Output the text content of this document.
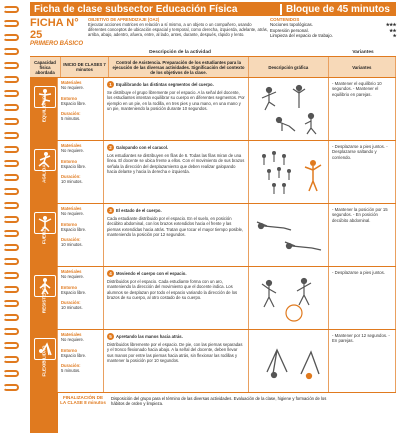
Ficha de clase subsector Educación Física	Bloque de 45 minutos
FICHA N° 25
PRIMERO BÁSICO
OBJETIVO DE APRENDIZAJE (OA2)
Ejecutar acciones motrices en relación a sí mismo, a un objeto o un compañero, usando diferentes conceptos de ubicación espacial y temporal, como derecha, izquierda, adelante, atrás, arriba, abajo, adentro, afuera, entre, al lado, antes, durante, después, rápido y lento.
CONTENIDOS
Nociones topológicas.	★★★
Expresión personal.	★★
Limpieza del espacio de trabajo.	★
Descripción de la actividad	Variantes
Capacidad física abordada
INICIO DE CLASES 7 minutos
Control de Asistencia. Preparación de los estudiantes para la ejecución de las diversas actividades. Significación del contexto de los objetivos de la clase.
Descripción gráfica	Variantes
EQUILIBRIO
Materiales
No requiere.

Entorno
Espacio libre.

Duración:
5 minutos.
1 Equilibrando las distintas segmentos del cuerpo.
Se distribuye el grupo libremente por el espacio. A la señal del docente, los estudiantes intentan equilibrar su cuerpo en diferentes segmentos. Por ejemplo en un pie, en la rodilla, en tres pies y una mano, en una mano y un pie, manteniendo la posición durante 10 segundos.
- Mantener el equilibrio 10 segundos. - Mantener el equilibrio en parejas.
AGILIDAD
Materiales
No requiere.

Entorno
Espacio libre.

Duración:
10 minutos.
2 Galopando con el caracol.
Los estudiantes se distribuyen en filas de 6. Todas las filas miran de una línea. El docente se ubica frente a ellos. Con el movimiento de sus brazos señala la dirección del desplazamiento que deben realizar galopando hacia delante y hacia la derecha e izquierda.
- Desplazarse a pies juntos. - Desplazarse saltando y corriendo.
FUERZA
Materiales
No requiere.

Entorno
Espacio libre.

Duración:
10 minutos.
3 El estado de el cuerpo.
Cada estudiante distribuido por el espacio. En el suelo, en posición decúbito abdominal, con los brazos extendidos hacia el frente y las piernas extendidas hacia atrás. Tratan que tocar el mayor tiempo posible, manteniendo la posición por 12 segundos.
- Mantener la posición por 15 segundos. - En posición decúbito abdominal.
RESISTENCIA
Materiales
No requiere.

Entorno
Espacio libre.

Duración:
10 minutos.
4 Moviendo el cuerpo con el espacio.
Distribuidos por el espacio. Cada estudiante forma con un aro, manteniendo la dirección del movimiento que el docente indica. Los alumnos se desplazan por todo el espacio variando la dirección de los brazos de su cuerpo, al otro costado de su cuerpo.
- Desplazarse a pies juntos.
FLEXIBILIDAD
Materiales
No requiere.

Entorno
Espacio libre.

Duración:
5 minutos.
5 Apretando las manos hacia atrás.
Distribuidos libremente por el espacio. De pie, con las piernas separadas y el tronco flexionado hacia abajo. A la señal del docente, deben llevar sus manos por entre las piernas hacia atrás, sin flexionar las rodillas y mantener la posición por 10 segundos.
- Mantener por 12 segundos. - En parejas.
FINALIZACIÓN DE LA CLASE 8 minutos
Disposición del grupo para el término de las diversas actividades. Evaluación de la clase, higiene y formación de los hábitos de orden y limpieza.
